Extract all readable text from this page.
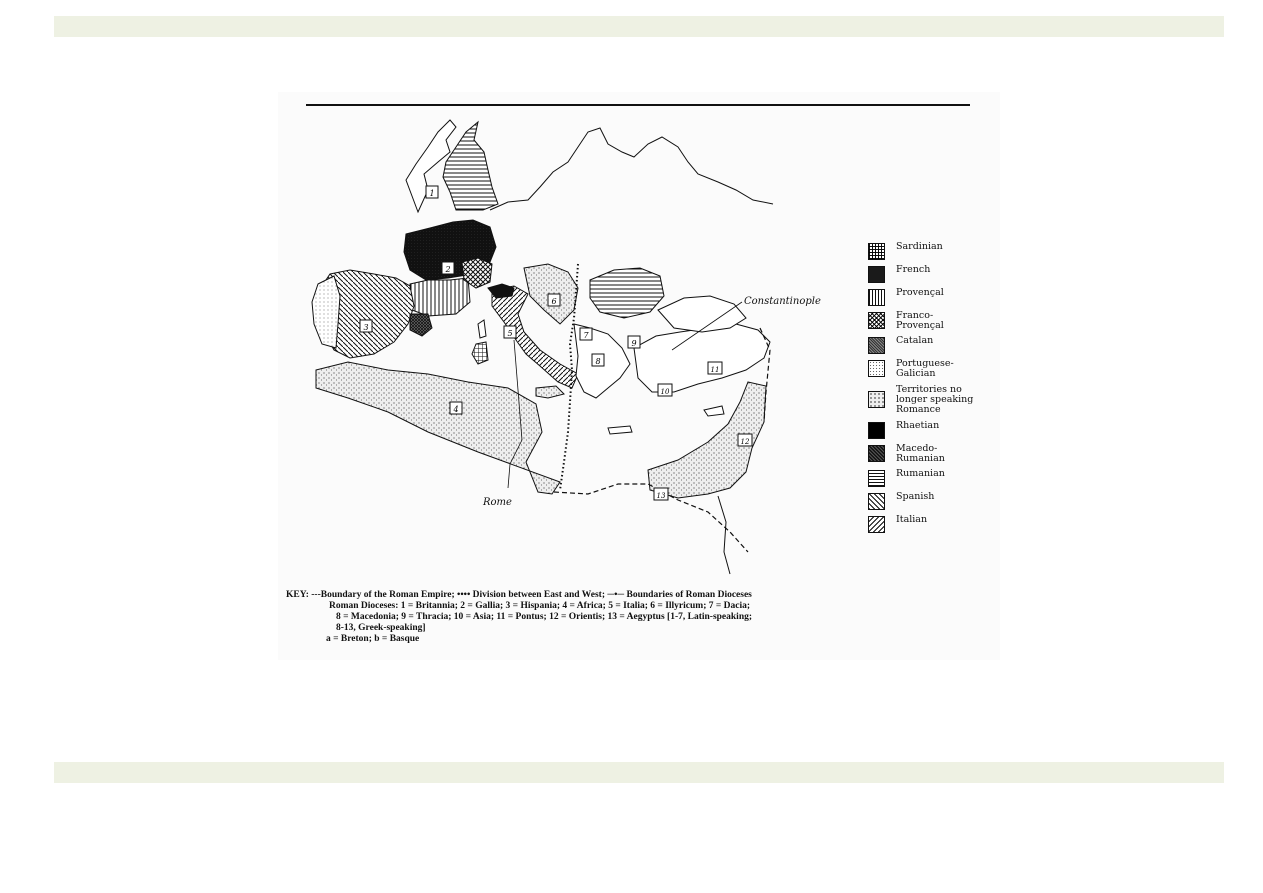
1
2
3
4
5
6
7
8
9
10
11
12
13
Constantinople
Rome
Sardinian
French
Provençal
Franco-
Provençal
Catalan
Portuguese-
Galician
Territories no
longer speaking
Romance
Rhaetian
Macedo-
Rumanian
Rumanian
Spanish
Italian
KEY: ---Boundary of the Roman Empire; •••• Division between East and West; ─•─ Boundaries of Roman Dioceses
Roman Dioceses: 1 = Britannia; 2 = Gallia; 3 = Hispania; 4 = Africa; 5 = Italia; 6 = Illyricum; 7 = Dacia;
8 = Macedonia; 9 = Thracia; 10 = Asia; 11 = Pontus; 12 = Orientis; 13 = Aegyptus [1-7, Latin-speaking;
8-13, Greek-speaking]
a = Breton; b = Basque
